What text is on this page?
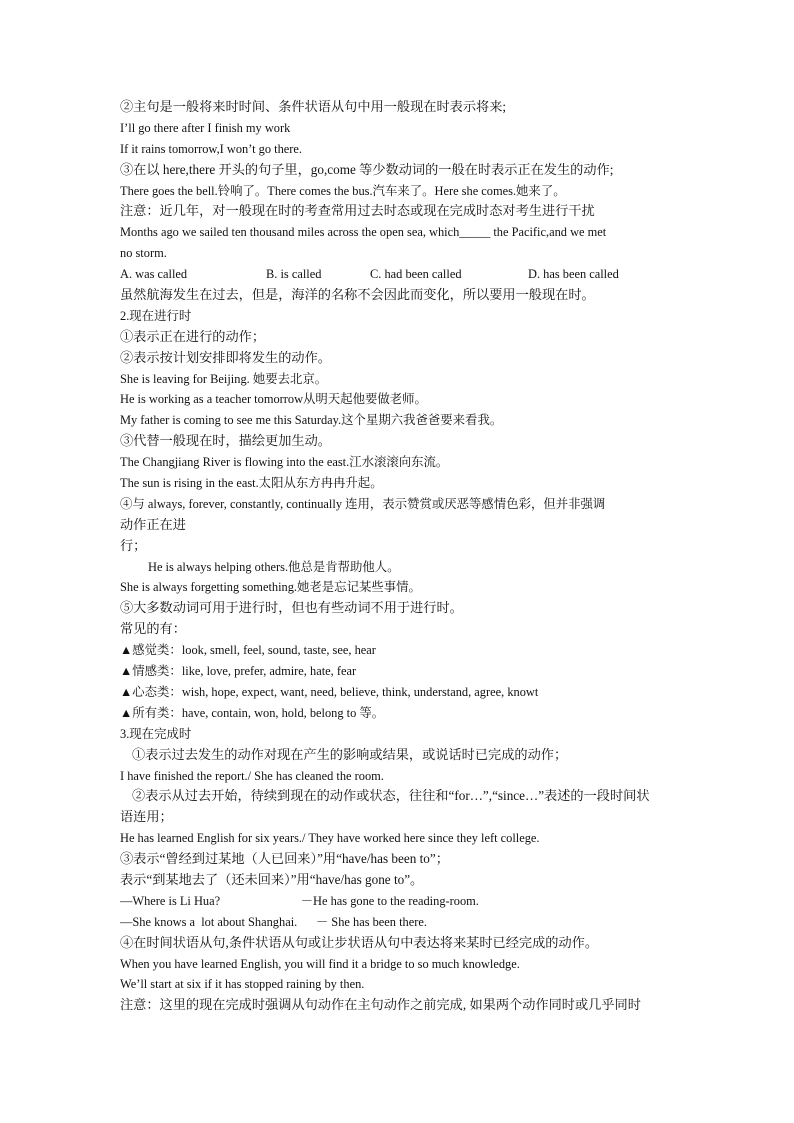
②主句是一般将来时时间、条件状语从句中用一般现在时表示将来;
I’ll go there after I finish my work
If it rains tomorrow,I won’t go there.
③在以 here,there 开头的句子里，go,come 等少数动词的一般在时表示正在发生的动作;
There goes the bell.铃响了。There comes the bus.汽车来了。Here she comes.她来了。
注意：近几年，对一般现在时的考查常用过去时态或现在完成时态对考生进行干扰
Months ago we sailed ten thousand miles across the open sea, which_____ the Pacific,and we met
no storm.
A. was called	B. is called	C. had been called	D. has been called
虽然航海发生在过去，但是，海洋的名称不会因此而变化，所以要用一般现在时。
2.现在进行时
①表示正在进行的动作；
②表示按计划安排即将发生的动作。
She is leaving for Beijing. 她要去北京。
He is working as a teacher tomorrow从明天起他要做老师。
My father is coming to see me this Saturday.这个星期六我爸爸要来看我。
③代替一般现在时，描绘更加生动。
The Changjiang River is flowing into the east.江水滚滚向东流。
The sun is rising in the east.太阳从东方冉冉升起。
④与 always, forever, constantly, continually 连用，表示赞赏或厌恶等感情色彩，但并非强调
动作正在进
行；
He is always helping others.他总是肯帮助他人。
She is always forgetting something.她老是忘记某些事情。
⑤大多数动词可用于进行时，但也有些动词不用于进行时。
常见的有：
▲感觉类：look, smell, feel, sound, taste, see, hear
▲情感类：like, love, prefer, admire, hate, fear
▲心态类：wish, hope, expect, want, need, believe, think, understand, agree, knowt
▲所有类：have, contain, won, hold, belong to 等。
3.现在完成时
①表示过去发生的动作对现在产生的影响或结果，或说话时已完成的动作；
I have finished the report./ She has cleaned the room.
②表示从过去开始，待续到现在的动作或状态，往往和“for…”,“since…”表述的一段时间状
语连用；
He has learned English for six years./ They have worked here since they left college.
③表示“曾经到过某地（人已回来）”用“have/has been to”；
表示“到某地去了（还未回来）”用“have/has gone to”。
—Where is Li Hua?                          －He has gone to the reading-room.
—She knows a  lot about Shanghai.      － She has been there.
④在时间状语从句,条件状语从句或让步状语从句中表达将来某时已经完成的动作。
When you have learned English, you will find it a bridge to so much knowledge.
We’ll start at six if it has stopped raining by then.
注意：这里的现在完成时强调从句动作在主句动作之前完成, 如果两个动作同时或几乎同时
